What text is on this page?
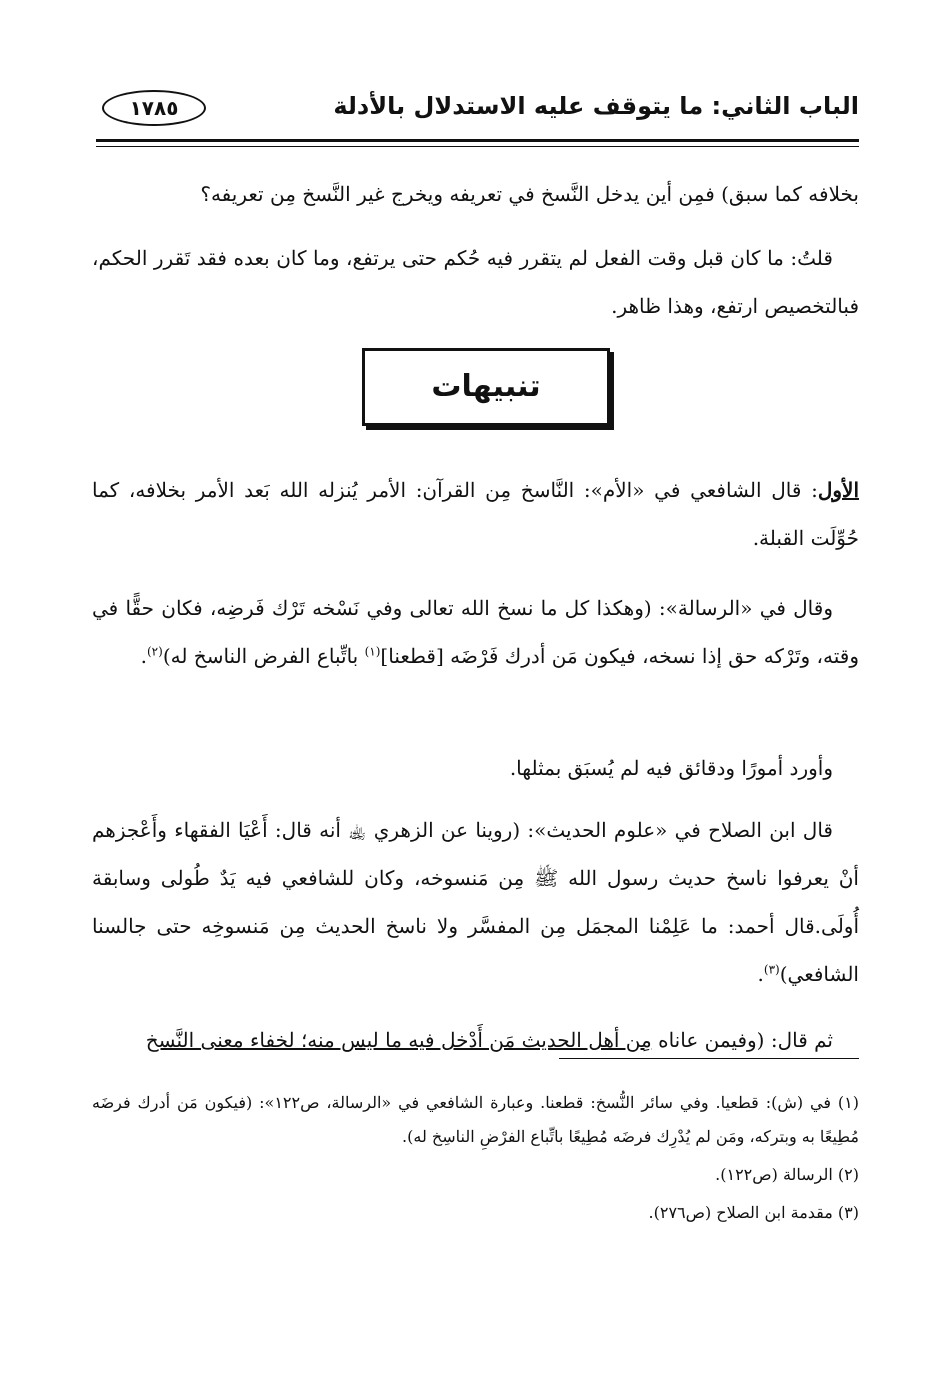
الباب الثاني: ما يتوقف عليه الاستدلال بالأدلة
١٧٨٥

بخلافه كما سبق) فمِن أين يدخل النَّسخ في تعريفه ويخرج غير النَّسخ مِن تعريفه؟

قلتُ: ما كان قبل وقت الفعل لم يتقرر فيه حُكم حتى يرتفع، وما كان بعده فقد تَقرر الحكم، فبالتخصيص ارتفع، وهذا ظاهر.

تنبيهات

الأول: قال الشافعي في «الأم»: النَّاسخ مِن القرآن: الأمر يُنزله الله بَعد الأمر بخلافه، كما حُوِّلَت القبلة.

وقال في «الرسالة»: (وهكذا كل ما نسخ الله تعالى وفي نَسْخه تَرْك فَرضِه، فكان حقًّا في وقته، وتَرْكه حق إذا نسخه، فيكون مَن أدرك فَرْضَه [قطعنا]$^{(١)}$ باتِّباع الفرض الناسخ له)$^{(٢)}$.

وأورد أمورًا ودقائق فيه لم يُسبَق بمثلها.

قال ابن الصلاح في «علوم الحديث»: (روينا عن الزهري ﵀ أنه قال: أَعْيَا الفقهاء وأَعْجزهم أنْ يعرفوا ناسخ حديث رسول الله ﷺ مِن مَنسوخه، وكان للشافعي فيه يَدٌ طُولى وسابقة أُولَى.قال أحمد: ما عَلِمْنا المجمَل مِن المفسَّر ولا ناسخ الحديث مِن مَنسوخِه حتى جالسنا الشافعي)$^{(٣)}$.

ثم قال: (وفيمن عاناه مِن أهل الحديث مَن أَدْخل فيه ما ليس منه؛ لخفاء معنى النَّسخ

(١) في (ش): قطعيا. وفي سائر النُّسخ: قطعنا. وعبارة الشافعي في «الرسالة، ص١٢٢»: (فيكون مَن أدرك فرضَه مُطِيعًا به وبتركه، ومَن لم يُدْرِك فرضَه مُطِيعًا باتِّباع الفرْضِ الناسِخ له).

(٢) الرسالة (ص١٢٢).

(٣) مقدمة ابن الصلاح (ص٢٧٦).
